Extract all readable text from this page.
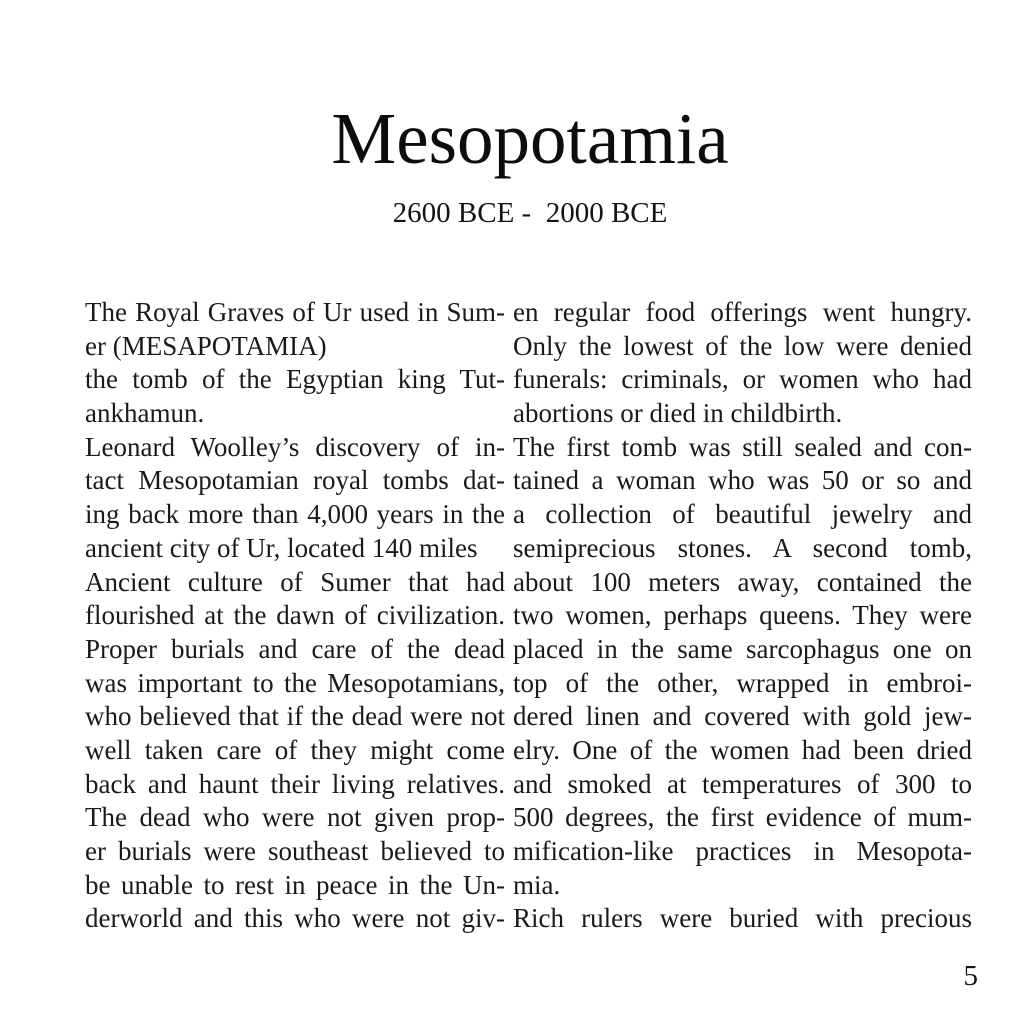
Mesopotamia
2600 BCE -  2000 BCE
The Royal Graves of Ur used in Sum-
er (MESAPOTAMIA)
the tomb of the Egyptian king Tut-
ankhamun.
Leonard Woolley’s discovery of in-
tact Mesopotamian royal tombs dat-
ing back more than 4,000 years in the
ancient city of Ur, located 140 miles
Ancient culture of Sumer that had
flourished at the dawn of civilization.
Proper burials and care of the dead
was important to the Mesopotamians,
who believed that if the dead were not
well taken care of they might come
back and haunt their living relatives.
The dead who were not given prop-
er burials were southeast believed to
be unable to rest in peace in the Un-
derworld and this who were not giv-
en regular food offerings went hungry.
Only the lowest of the low were denied
funerals: criminals, or women who had
abortions or died in childbirth.
The first tomb was still sealed and con-
tained a woman who was 50 or so and
a collection of beautiful jewelry and
semiprecious stones. A second tomb,
about 100 meters away, contained the
two women, perhaps queens. They were
placed in the same sarcophagus one on
top of the other, wrapped in embroi-
dered linen and covered with gold jew-
elry. One of the women had been dried
and smoked at temperatures of 300 to
500 degrees, the first evidence of mum-
mification-like practices in Mesopota-
mia.
Rich rulers were buried with precious
5
